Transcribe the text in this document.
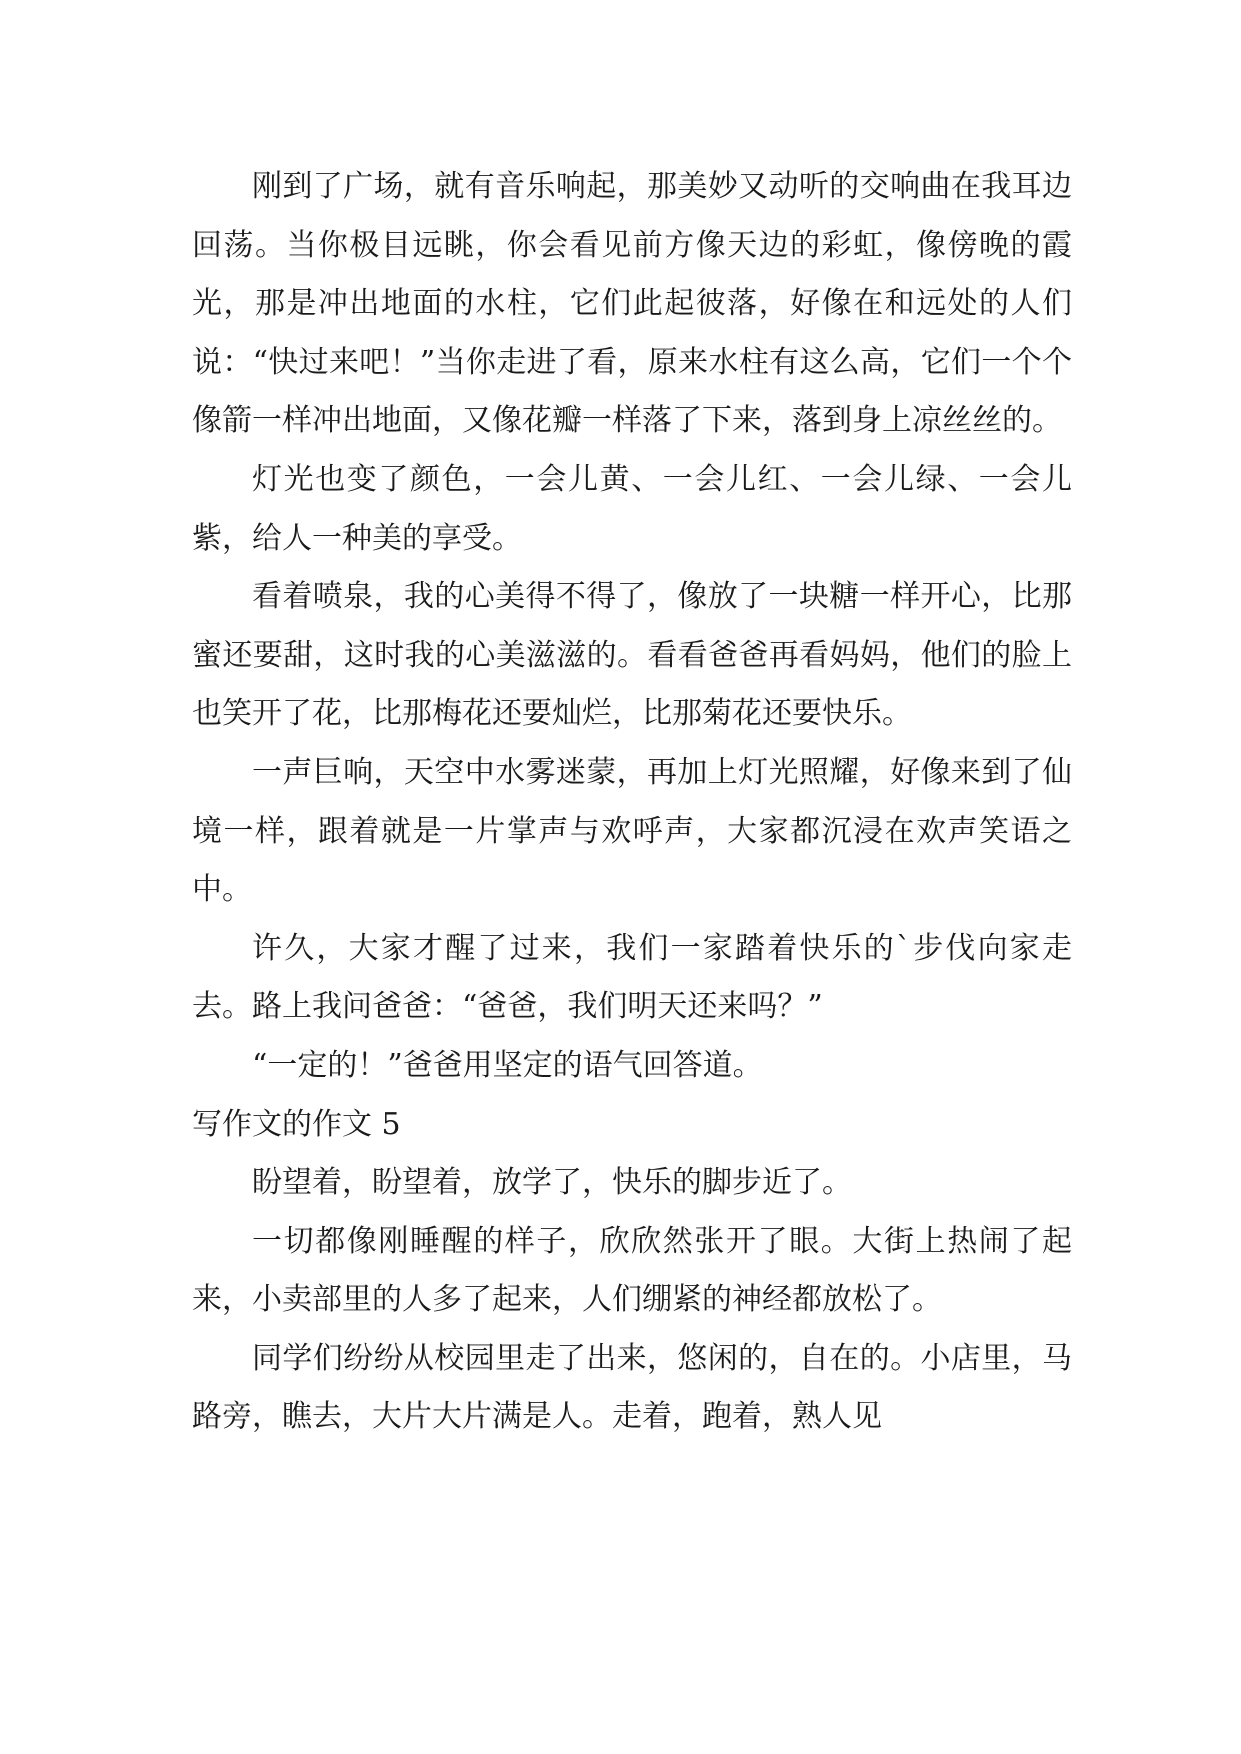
刚到了广场，就有音乐响起，那美妙又动听的交响曲在我耳边回荡。当你极目远眺，你会看见前方像天边的彩虹，像傍晚的霞光，那是冲出地面的水柱，它们此起彼落，好像在和远处的人们说：“快过来吧！”当你走进了看，原来水柱有这么高，它们一个个像箭一样冲出地面，又像花瓣一样落了下来，落到身上凉丝丝的。

灯光也变了颜色，一会儿黄、一会儿红、一会儿绿、一会儿紫，给人一种美的享受。

看着喷泉，我的心美得不得了，像放了一块糖一样开心，比那蜜还要甜，这时我的心美滋滋的。看看爸爸再看妈妈，他们的脸上也笑开了花，比那梅花还要灿烂，比那菊花还要快乐。

一声巨响，天空中水雾迷蒙，再加上灯光照耀，好像来到了仙境一样，跟着就是一片掌声与欢呼声，大家都沉浸在欢声笑语之中。

许久，大家才醒了过来，我们一家踏着快乐的`步伐向家走去。路上我问爸爸：“爸爸，我们明天还来吗？”

“一定的！”爸爸用坚定的语气回答道。

写作文的作文 5

盼望着，盼望着，放学了，快乐的脚步近了。

一切都像刚睡醒的样子，欣欣然张开了眼。大街上热闹了起来，小卖部里的人多了起来，人们绷紧的神经都放松了。

同学们纷纷从校园里走了出来，悠闲的，自在的。小店里，马路旁，瞧去，大片大片满是人。走着，跑着，熟人见
